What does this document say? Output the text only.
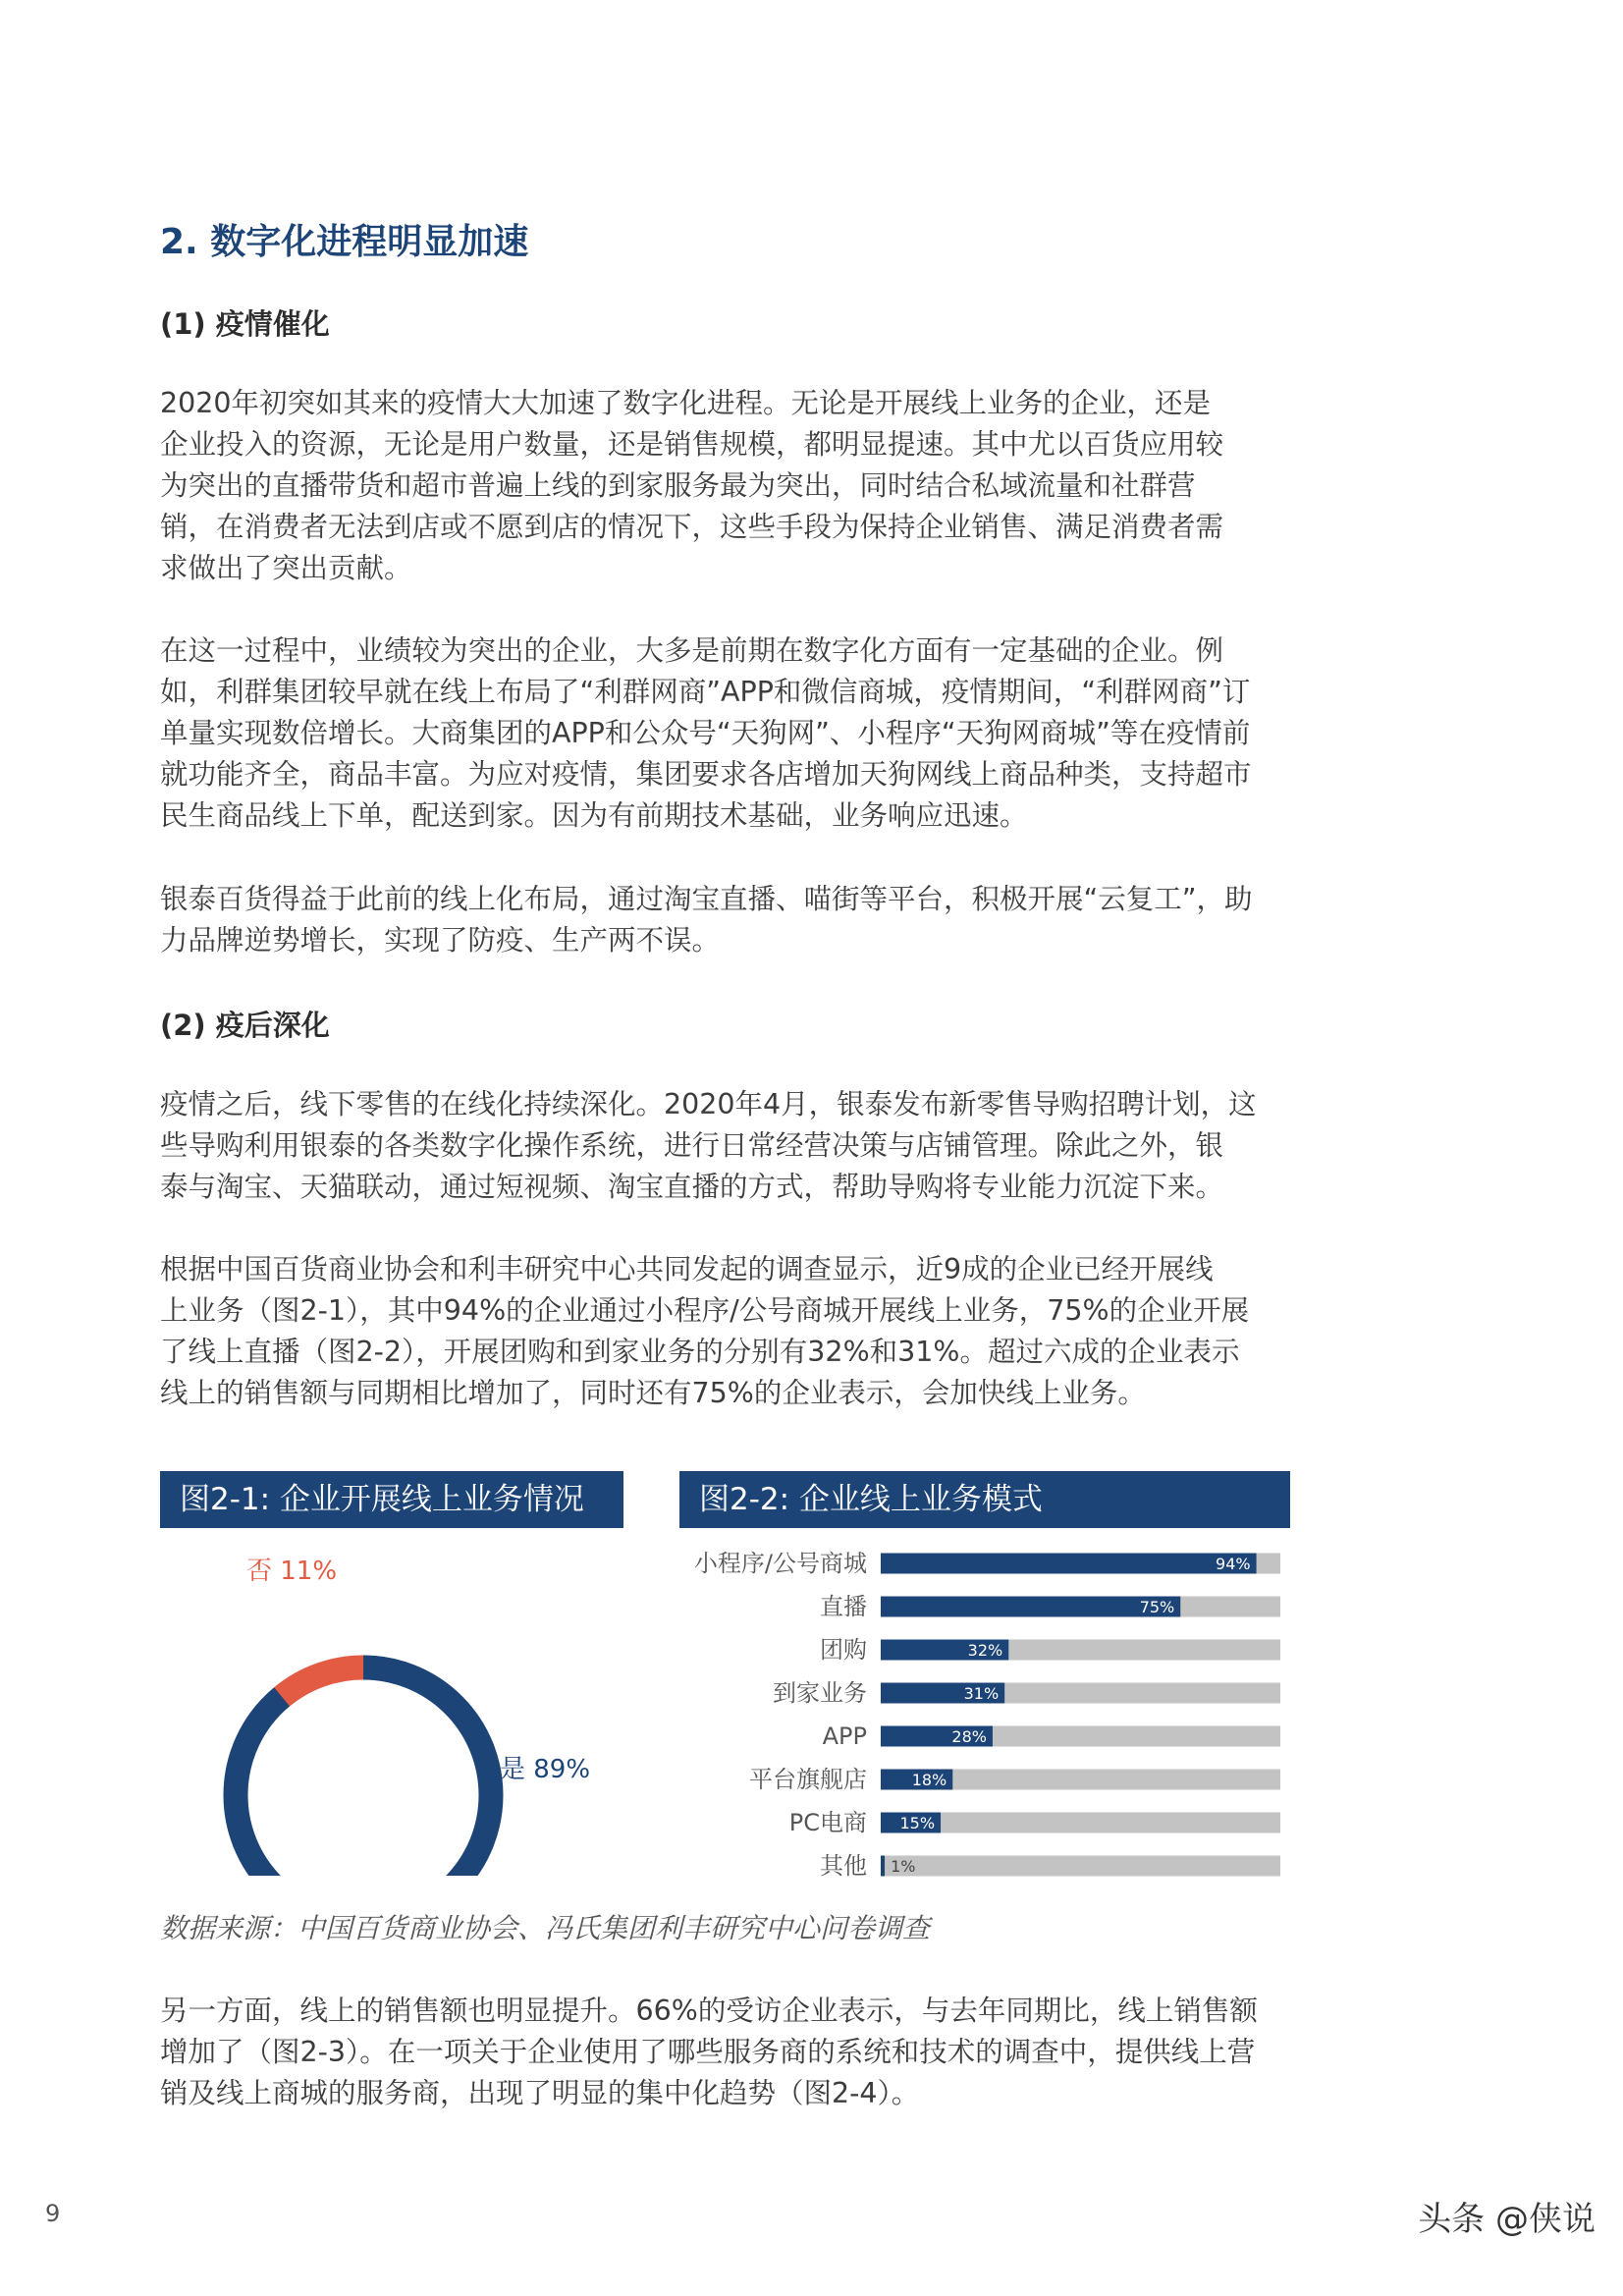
2. 数字化进程明显加速
(1) 疫情催化
2020年初突如其来的疫情大大加速了数字化进程。无论是开展线上业务的企业，还是
企业投入的资源，无论是用户数量，还是销售规模，都明显提速。其中尤以百货应用较
为突出的直播带货和超市普遍上线的到家服务最为突出，同时结合私域流量和社群营
销，在消费者无法到店或不愿到店的情况下，这些手段为保持企业销售、满足消费者需
求做出了突出贡献。
在这一过程中，业绩较为突出的企业，大多是前期在数字化方面有一定基础的企业。例
如，利群集团较早就在线上布局了“利群网商”APP和微信商城，疫情期间，“利群网商”订
单量实现数倍增长。大商集团的APP和公众号“天狗网”、小程序“天狗网商城”等在疫情前
就功能齐全，商品丰富。为应对疫情，集团要求各店增加天狗网线上商品种类，支持超市
民生商品线上下单，配送到家。因为有前期技术基础，业务响应迅速。
银泰百货得益于此前的线上化布局，通过淘宝直播、喵街等平台，积极开展“云复工”，助
力品牌逆势增长，实现了防疫、生产两不误。
(2) 疫后深化
疫情之后，线下零售的在线化持续深化。2020年4月，银泰发布新零售导购招聘计划，这
些导购利用银泰的各类数字化操作系统，进行日常经营决策与店铺管理。除此之外，银
泰与淘宝、天猫联动，通过短视频、淘宝直播的方式，帮助导购将专业能力沉淀下来。
根据中国百货商业协会和利丰研究中心共同发起的调查显示，近9成的企业已经开展线
上业务（图2-1），其中94%的企业通过小程序/公号商城开展线上业务，75%的企业开展
了线上直播（图2-2），开展团购和到家业务的分别有32%和31%。超过六成的企业表示
线上的销售额与同期相比增加了，同时还有75%的企业表示，会加快线上业务。
图2-1: 企业开展线上业务情况	图2-2: 企业线上业务模式
否 11%
是 89%
小程序/公号商城	94%
直播	75%
团购	32%
到家业务	31%
APP	28%
平台旗舰店	18%
PC电商 15%
其他 1%
数据来源：中国百货商业协会、冯氏集团利丰研究中心问卷调查
另一方面，线上的销售额也明显提升。66%的受访企业表示，与去年同期比，线上销售额
增加了（图2-3）。在一项关于企业使用了哪些服务商的系统和技术的调查中，提供线上营
销及线上商城的服务商，出现了明显的集中化趋势（图2-4）。
9	头条 @侠说
